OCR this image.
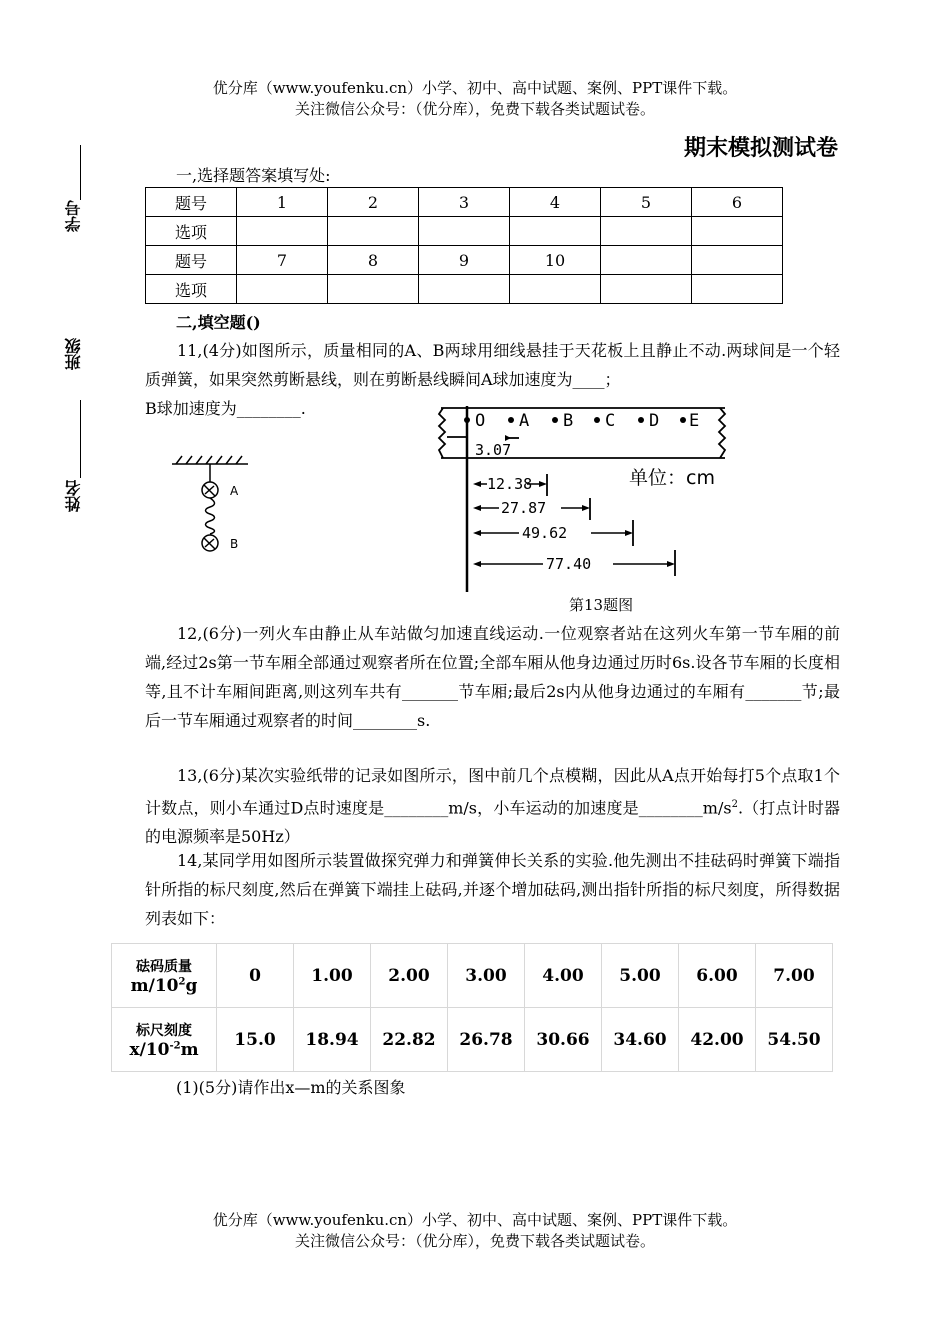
优分库（www.youfenku.cn）小学、初中、高中试题、案例、PPT课件下载。
关注微信公众号：（优分库），免费下载各类试题试卷。
期末模拟测试卷
学号
班级
姓名
一,选择题答案填写处:
题号	1	2	3	4	5	6
选项						
题号	7	8	9	10		
选项						
二,填空题()
11,(4分)如图所示，质量相同的A、B两球用细线悬挂于天花板上且静止不动.两球间是一个轻质弹簧，如果突然剪断悬线，则在剪断悬线瞬间A球加速度为____；
B球加速度为________.
A
B
O A B C D E
3.07
12.38
27.87
49.62
77.40
单位：cm
第13题图
12,(6分)一列火车由静止从车站做匀加速直线运动.一位观察者站在这列火车第一节车厢的前端,经过2s第一节车厢全部通过观察者所在位置;全部车厢从他身边通过历时6s.设各节车厢的长度相等,且不计车厢间距离,则这列车共有_______节车厢;最后2s内从他身边通过的车厢有_______节;最后一节车厢通过观察者的时间________s.
13,(6分)某次实验纸带的记录如图所示，图中前几个点模糊，因此从A点开始每打5个点取1个计数点，则小车通过D点时速度是________m/s，小车运动的加速度是$\_\_\_\_\_\_\_\_m/s^2$.（打点计时器的电源频率是50Hz）
14,某同学用如图所示装置做探究弹力和弹簧伸长关系的实验.他先测出不挂砝码时弹簧下端指针所指的标尺刻度,然后在弹簧下端挂上砝码,并逐个增加砝码,测出指针所指的标尺刻度，所得数据列表如下：
砝码质量
$m/10^2g$	0	1.00	2.00	3.00	4.00	5.00	6.00	7.00

标尺刻度
$x/10^{-2}m$	15.0	18.94	22.82	26.78	30.66	34.60	42.00	54.50
(1)(5分)请作出x—m的关系图象
优分库（www.youfenku.cn）小学、初中、高中试题、案例、PPT课件下载。
关注微信公众号：（优分库），免费下载各类试题试卷。
